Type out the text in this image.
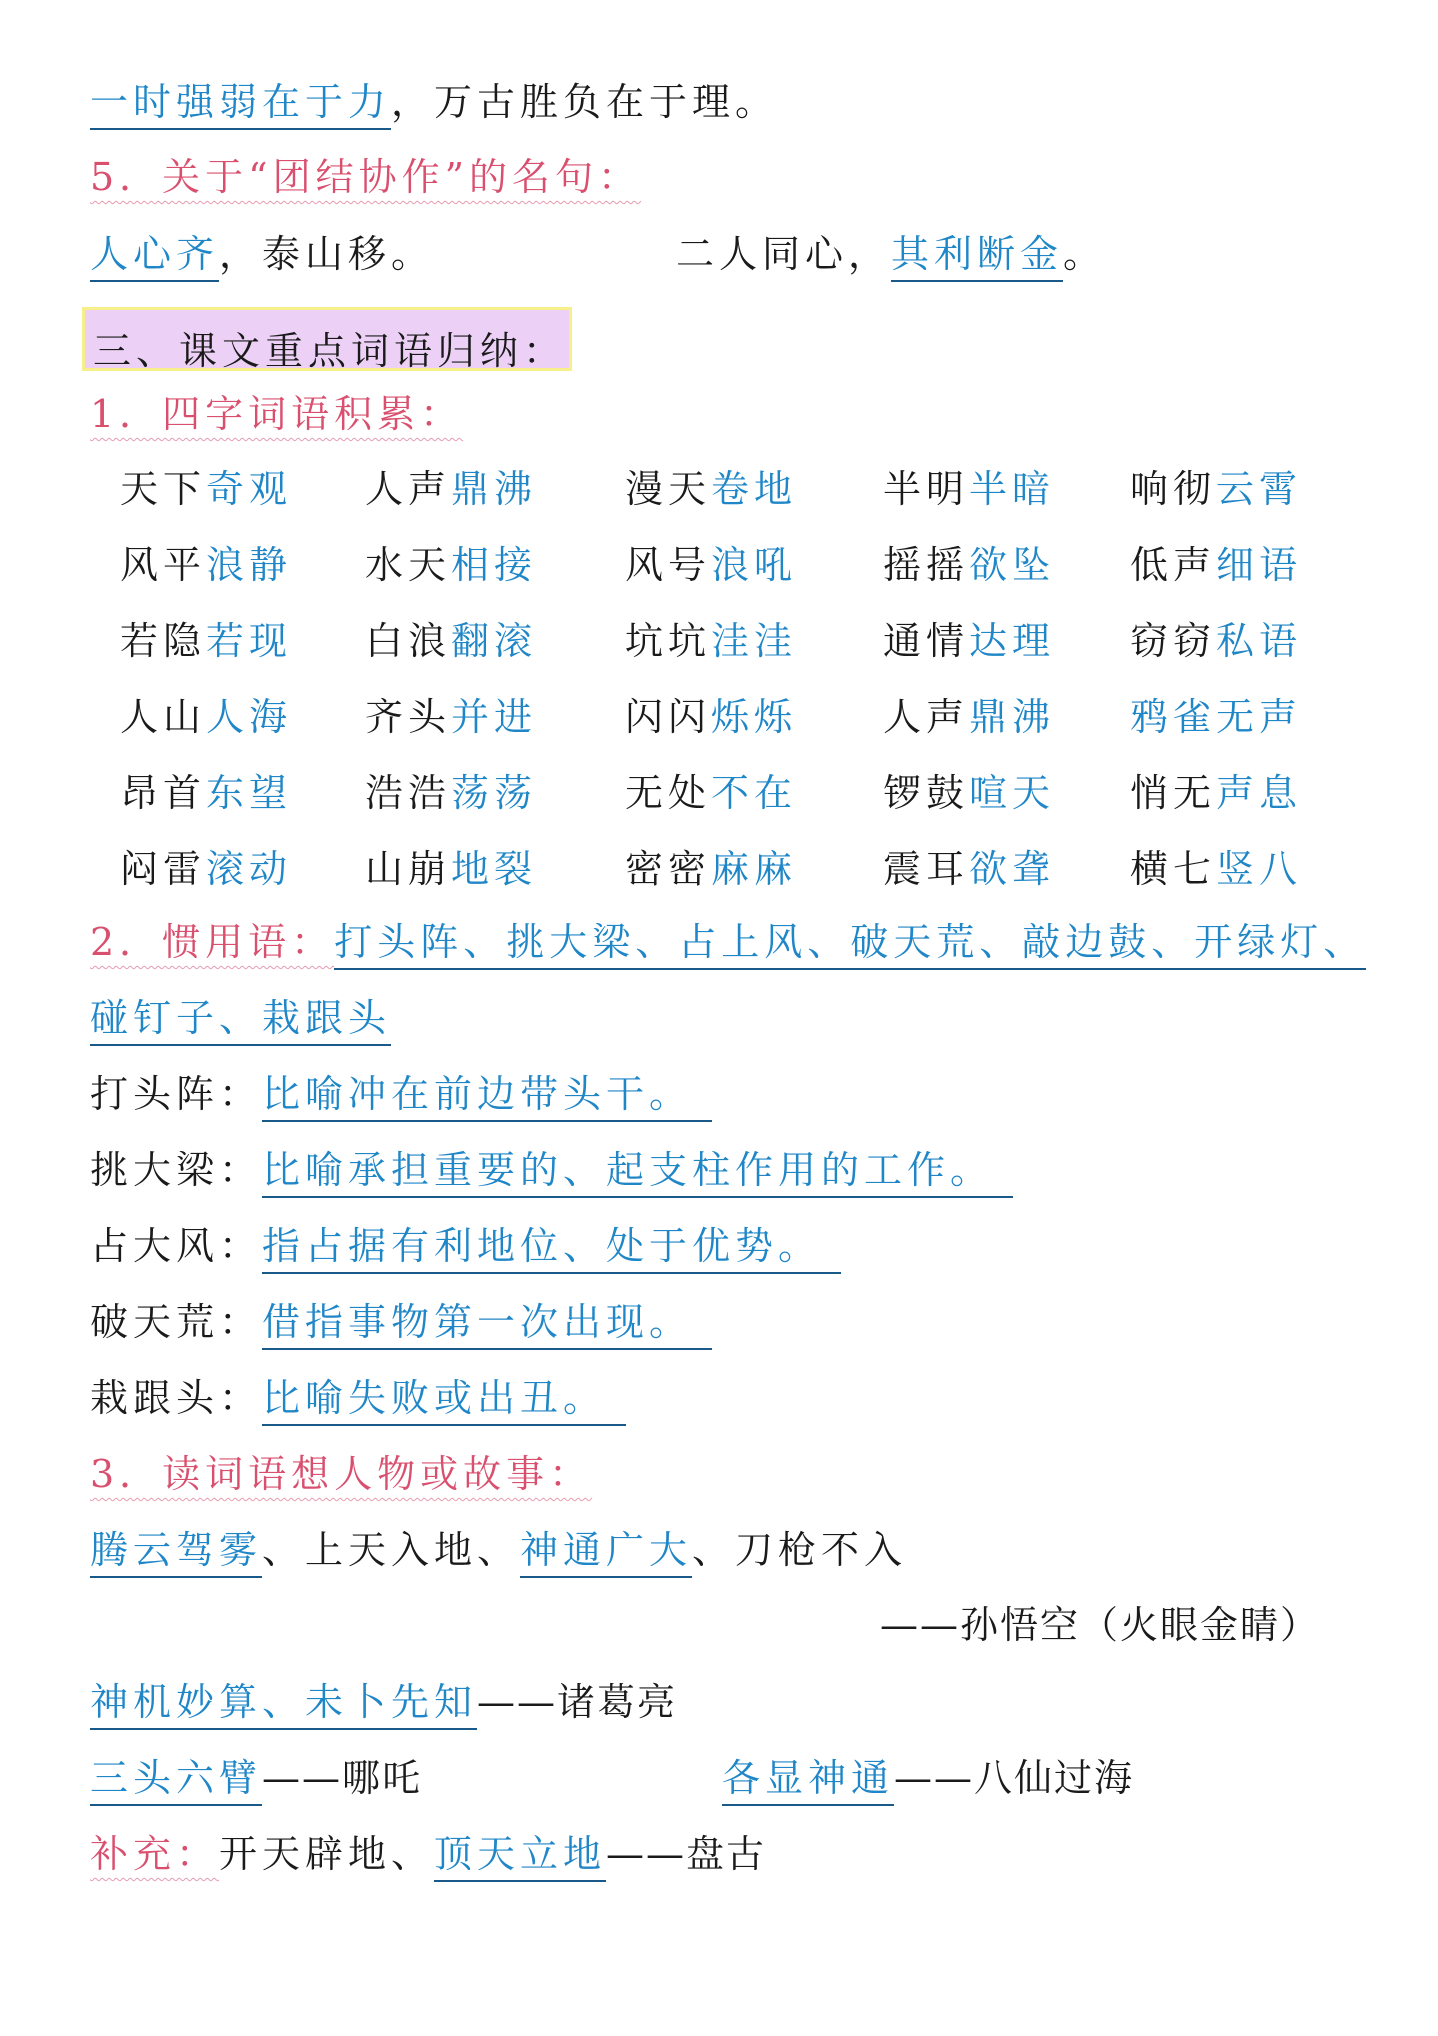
一时强弱在于力，万古胜负在于理。
5．关于“团结协作”的名句：
人心齐，泰山移。	二人同心，其利断金。
三、课文重点词语归纳：
1．四字词语积累：
天下奇观 人声鼎沸 漫天卷地 半明半暗 响彻云霄
风平浪静 水天相接 风号浪吼 摇摇欲坠 低声细语
若隐若现 白浪翻滚 坑坑洼洼 通情达理 窃窃私语
人山人海 齐头并进 闪闪烁烁 人声鼎沸 鸦雀无声
昂首东望 浩浩荡荡 无处不在 锣鼓喧天 悄无声息
闷雷滚动 山崩地裂 密密麻麻 震耳欲聋 横七竖八
2．惯用语：打头阵、挑大梁、占上风、破天荒、敲边鼓、开绿灯、
碰钉子、栽跟头
打头阵：比喻冲在前边带头干。
挑大梁：比喻承担重要的、起支柱作用的工作。
占大风：指占据有利地位、处于优势。
破天荒：借指事物第一次出现。
栽跟头：比喻失败或出丑。
3．读词语想人物或故事：
腾云驾雾、上天入地、神通广大、刀枪不入
——孙悟空（火眼金睛）
神机妙算、未卜先知——诸葛亮
三头六臂——哪吒	各显神通——八仙过海
补充：开天辟地、顶天立地——盘古
